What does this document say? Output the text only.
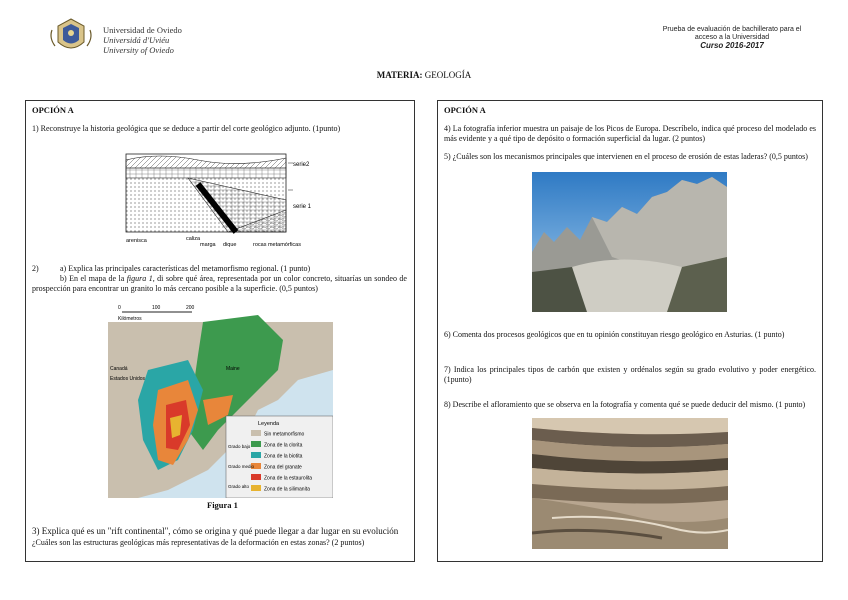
Universidad de Oviedo
Universidá d'Uviéu
University of Oviedo
Prueba de evaluación de bachillerato para el
acceso a la Universidad
Curso 2016-2017
MATERIA: GEOLOGÍA
OPCIÓN A
1) Reconstruye la historia geológica que se deduce a partir del corte geológico adjunto. (1punto)
serie2
serie 1
arenisca	caliza
marga dique	rocas metamórficas
2)	a) Explica las principales características del metamorfismo regional. (1 punto)
b) En el mapa de la figura 1, di sobre qué área, representada por un color concreto, situarías un sondeo de prospección para encontrar un granito lo más cercano posible a la superficie. (0,5 puntos)
0	100	200
Kilómetros
Canadá
Estados Unidos
Maine
Leyenda
Sin metamorfismo
Zona de la clorita
Zona de la biotita
Zona del granate
Zona de la estaurolita
Zona de la silimanita
Grado bajo
Grado medio
Grado alto
Figura 1
3) Explica qué es un "rift continental", cómo se origina y qué puede llegar a dar lugar en su evolución
¿Cuáles son las estructuras geológicas más representativas de la deformación en estas zonas? (2 puntos)
OPCIÓN A
4) La fotografía inferior muestra un paisaje de los Picos de Europa. Descríbelo, indica qué proceso del modelado es más evidente y a qué tipo de depósito o formación superficial da lugar. (2 puntos)
5) ¿Cuáles son los mecanismos principales que intervienen en el proceso de erosión de estas laderas? (0,5 puntos)
6) Comenta dos procesos geológicos que en tu opinión constituyan riesgo geológico en Asturias. (1 punto)
7) Indica los principales tipos de carbón que existen y ordénalos según su grado evolutivo y poder energético. (1punto)
8) Describe el afloramiento que se observa en la fotografía y comenta qué se puede deducir del mismo. (1 punto)
